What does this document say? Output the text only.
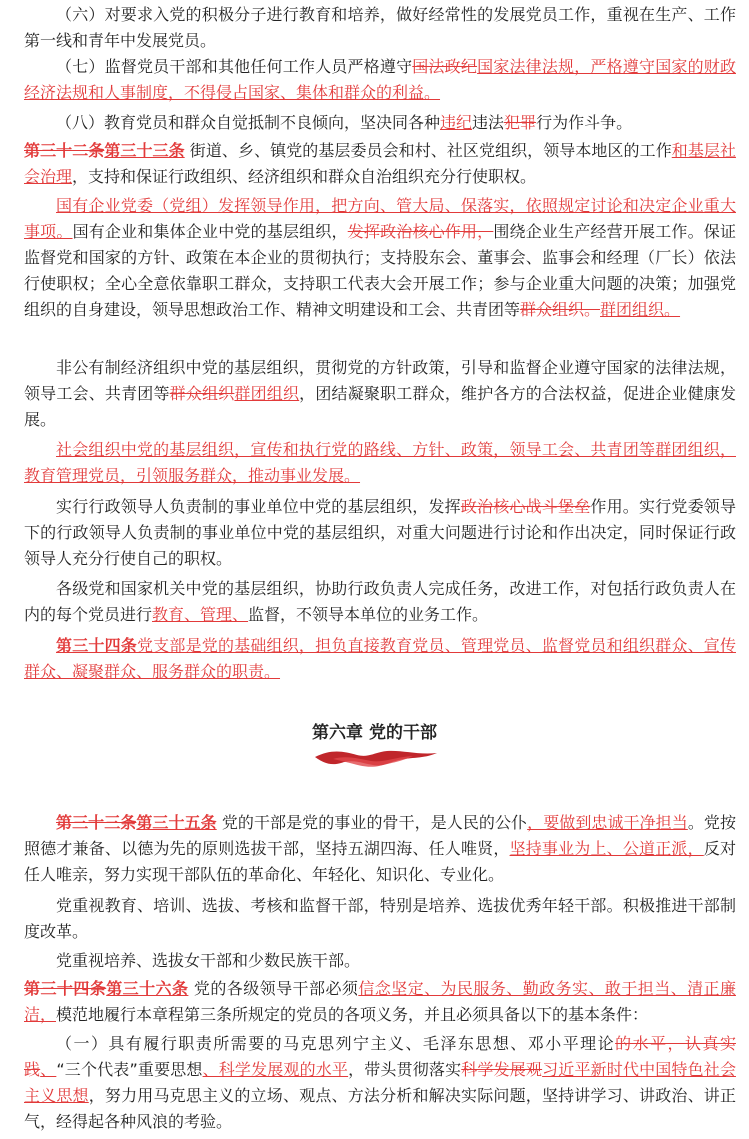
（六）对要求入党的积极分子进行教育和培养，做好经常性的发展党员工作，重视在生产、工作第一线和青年中发展党员。

（七）监督党员干部和其他任何工作人员严格遵守国法政纪国家法律法规，严格遵守国家的财政经济法规和人事制度，不得侵占国家、集体和群众的利益。

（八）教育党员和群众自觉抵制不良倾向，坚决同各种违纪违法犯罪行为作斗争。

第三十二条第三十三条 街道、乡、镇党的基层委员会和村、社区党组织，领导本地区的工作和基层社会治理，支持和保证行政组织、经济组织和群众自治组织充分行使职权。

国有企业党委（党组）发挥领导作用，把方向、管大局、保落实，依照规定讨论和决定企业重大事项。国有企业和集体企业中党的基层组织，发挥政治核心作用，围绕企业生产经营开展工作。保证监督党和国家的方针、政策在本企业的贯彻执行；支持股东会、董事会、监事会和经理（厂长）依法行使职权；全心全意依靠职工群众，支持职工代表大会开展工作；参与企业重大问题的决策；加强党组织的自身建设，领导思想政治工作、精神文明建设和工会、共青团等群众组织。群团组织。

非公有制经济组织中党的基层组织，贯彻党的方针政策，引导和监督企业遵守国家的法律法规，领导工会、共青团等群众组织群团组织，团结凝聚职工群众，维护各方的合法权益，促进企业健康发展。

社会组织中党的基层组织，宣传和执行党的路线、方针、政策，领导工会、共青团等群团组织，教育管理党员，引领服务群众，推动事业发展。

实行行政领导人负责制的事业单位中党的基层组织，发挥政治核心战斗堡垒作用。实行党委领导下的行政领导人负责制的事业单位中党的基层组织，对重大问题进行讨论和作出决定，同时保证行政领导人充分行使自己的职权。

各级党和国家机关中党的基层组织，协助行政负责人完成任务，改进工作，对包括行政负责人在内的每个党员进行教育、管理、监督，不领导本单位的业务工作。

第三十四条党支部是党的基础组织，担负直接教育党员、管理党员、监督党员和组织群众、宣传群众、凝聚群众、服务群众的职责。

第六章 党的干部

第三十三条第三十五条 党的干部是党的事业的骨干，是人民的公仆，要做到忠诚干净担当。党按照德才兼备、以德为先的原则选拔干部，坚持五湖四海、任人唯贤，坚持事业为上、公道正派，反对任人唯亲，努力实现干部队伍的革命化、年轻化、知识化、专业化。

党重视教育、培训、选拔、考核和监督干部，特别是培养、选拔优秀年轻干部。积极推进干部制度改革。

党重视培养、选拔女干部和少数民族干部。

第三十四条第三十六条 党的各级领导干部必须信念坚定、为民服务、勤政务实、敢于担当、清正廉洁，模范地履行本章程第三条所规定的党员的各项义务，并且必须具备以下的基本条件：

（一）具有履行职责所需要的马克思列宁主义、毛泽东思想、邓小平理论的水平，认真实践、“三个代表”重要思想、科学发展观的水平，带头贯彻落实科学发展观习近平新时代中国特色社会主义思想，努力用马克思主义的立场、观点、方法分析和解决实际问题，坚持讲学习、讲政治、讲正气，经得起各种风浪的考验。
